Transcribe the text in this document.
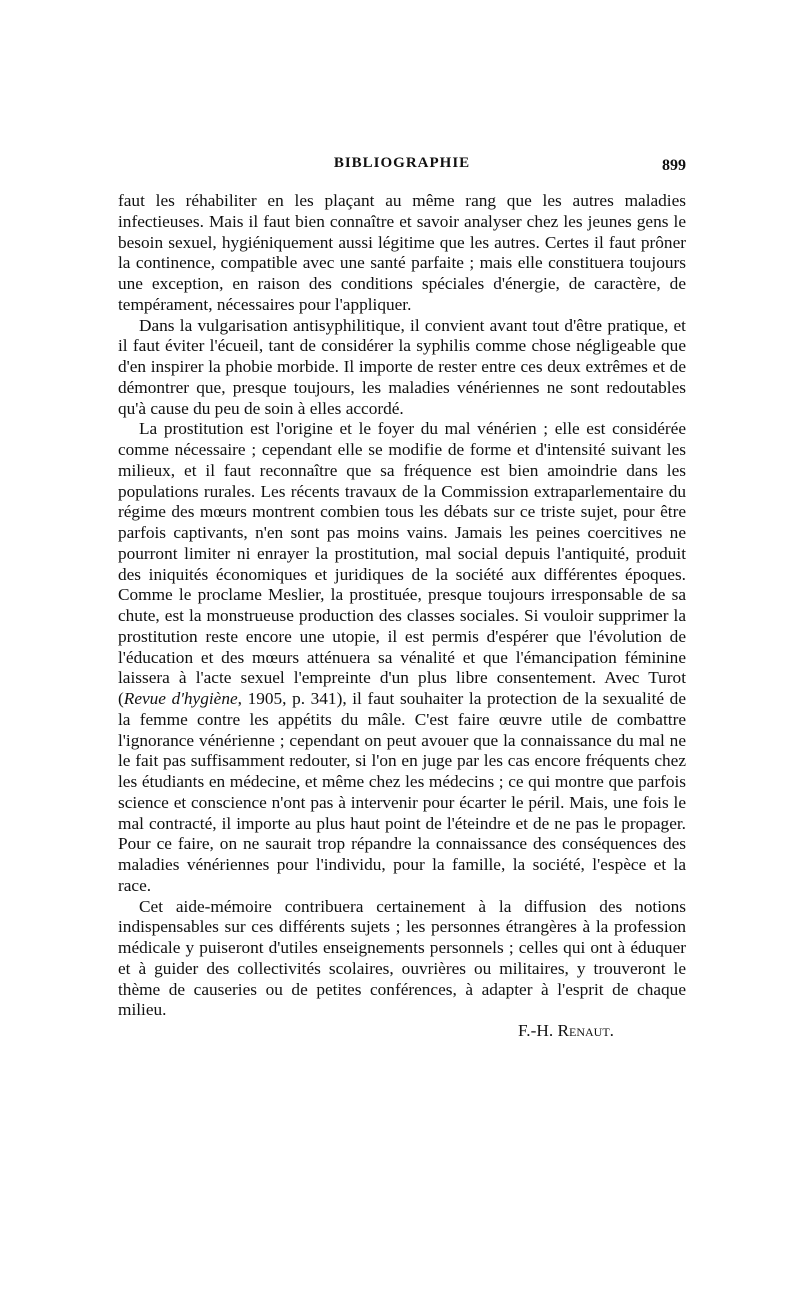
BIBLIOGRAPHIE	899

faut les réhabiliter en les plaçant au même rang que les autres maladies infectieuses. Mais il faut bien connaître et savoir analyser chez les jeunes gens le besoin sexuel, hygiéniquement aussi légitime que les autres. Certes il faut prôner la continence, compatible avec une santé parfaite ; mais elle constituera toujours une exception, en raison des conditions spéciales d'énergie, de caractère, de tempérament, nécessaires pour l'appliquer.

Dans la vulgarisation antisyphilitique, il convient avant tout d'être pratique, et il faut éviter l'écueil, tant de considérer la syphilis comme chose négligeable que d'en inspirer la phobie morbide. Il importe de rester entre ces deux extrêmes et de démontrer que, presque toujours, les maladies vénériennes ne sont redoutables qu'à cause du peu de soin à elles accordé.

La prostitution est l'origine et le foyer du mal vénérien ; elle est considérée comme nécessaire ; cependant elle se modifie de forme et d'intensité suivant les milieux, et il faut reconnaître que sa fréquence est bien amoindrie dans les populations rurales. Les récents travaux de la Commission extraparlementaire du régime des mœurs montrent combien tous les débats sur ce triste sujet, pour être parfois captivants, n'en sont pas moins vains. Jamais les peines coercitives ne pourront limiter ni enrayer la prostitution, mal social depuis l'antiquité, produit des iniquités économiques et juridiques de la société aux différentes époques. Comme le proclame Meslier, la prostituée, presque toujours irresponsable de sa chute, est la monstrueuse production des classes sociales. Si vouloir supprimer la prostitution reste encore une utopie, il est permis d'espérer que l'évolution de l'éducation et des mœurs atténuera sa vénalité et que l'émancipation féminine laissera à l'acte sexuel l'empreinte d'un plus libre consentement. Avec Turot (Revue d'hygiène, 1905, p. 341), il faut souhaiter la protection de la sexualité de la femme contre les appétits du mâle. C'est faire œuvre utile de combattre l'ignorance vénérienne ; cependant on peut avouer que la connaissance du mal ne le fait pas suffisamment redouter, si l'on en juge par les cas encore fréquents chez les étudiants en médecine, et même chez les médecins ; ce qui montre que parfois science et conscience n'ont pas à intervenir pour écarter le péril. Mais, une fois le mal contracté, il importe au plus haut point de l'éteindre et de ne pas le propager. Pour ce faire, on ne saurait trop répandre la connaissance des conséquences des maladies vénériennes pour l'individu, pour la famille, la société, l'espèce et la race.

Cet aide-mémoire contribuera certainement à la diffusion des notions indispensables sur ces différents sujets ; les personnes étrangères à la profession médicale y puiseront d'utiles enseignements personnels ; celles qui ont à éduquer et à guider des collectivités scolaires, ouvrières ou militaires, y trouveront le thème de causeries ou de petites conférences, à adapter à l'esprit de chaque milieu.

F.-H. Renaut.
